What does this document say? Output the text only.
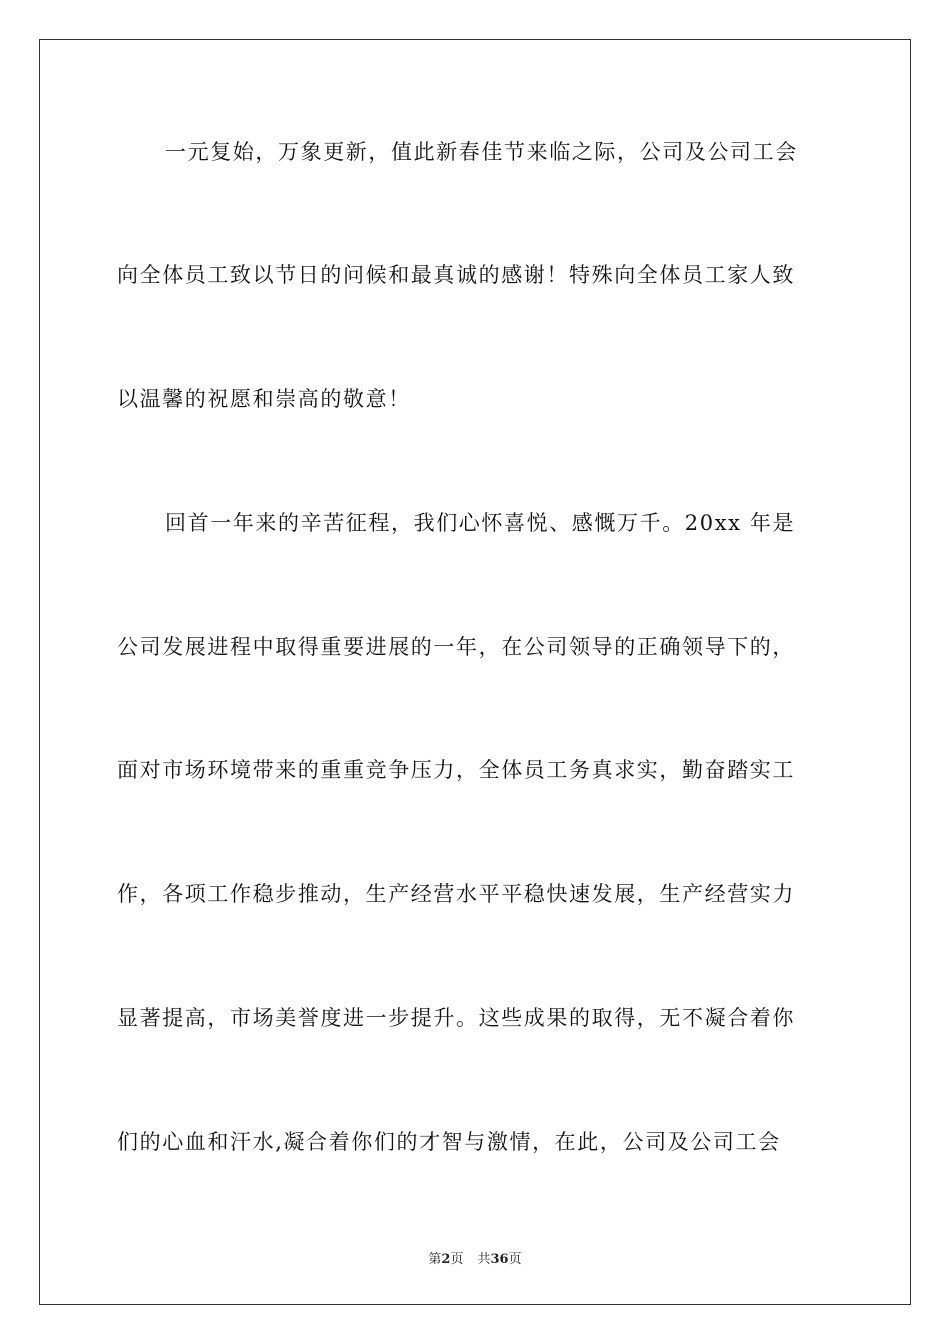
一元复始，万象更新，值此新春佳节来临之际，公司及公司工会
向全体员工致以节日的问候和最真诚的感谢！特殊向全体员工家人致
以温馨的祝愿和崇高的敬意！
回首一年来的辛苦征程，我们心怀喜悦、感慨万千。20xx 年是
公司发展进程中取得重要进展的一年，在公司领导的正确领导下的，
面对市场环境带来的重重竞争压力，全体员工务真求实，勤奋踏实工
作，各项工作稳步推动，生产经营水平平稳快速发展，生产经营实力
显著提高，市场美誉度进一步提升。这些成果的取得，无不凝合着你
们的心血和汗水,凝合着你们的才智与激情，在此，公司及公司工会
第2页 共36页
